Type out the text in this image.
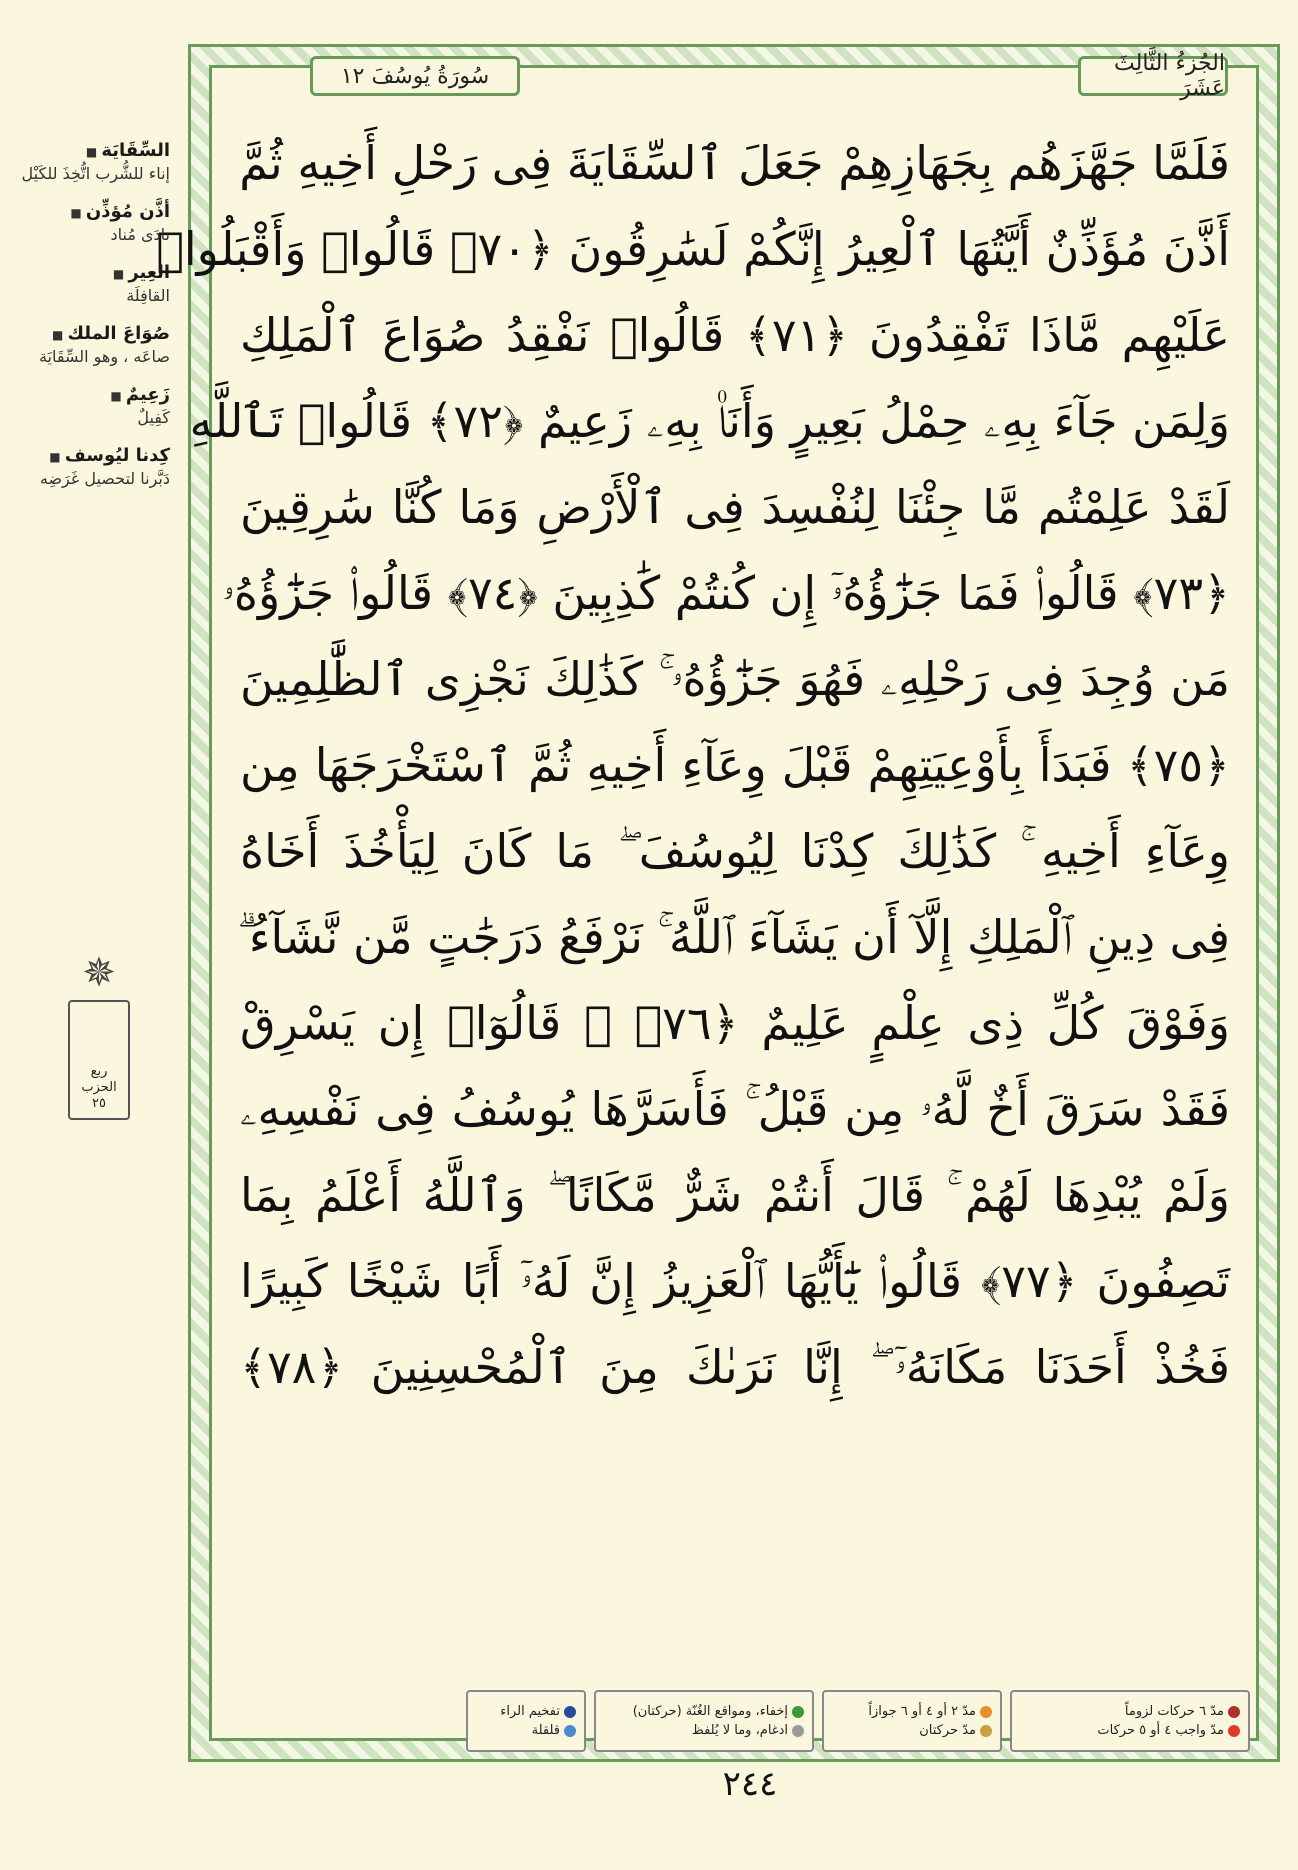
سُورَةُ يُوسُفَ ١٢	الجُزءُ الثَّالِثَ عَشَرَ
فَلَمَّا جَهَّزَهُم بِجَهَازِهِمْ جَعَلَ ٱلسِّقَايَةَ فِى رَحْلِ أَخِيهِ ثُمَّ
أَذَّنَ مُؤَذِّنٌ أَيَّتُهَا ٱلْعِيرُ إِنَّكُمْ لَسَٰرِقُونَ ﴿٧٠﴾ قَالُوا۟ وَأَقْبَلُوا۟
عَلَيْهِم مَّاذَا تَفْقِدُونَ ﴿٧١﴾ قَالُوا۟ نَفْقِدُ صُوَاعَ ٱلْمَلِكِ
وَلِمَن جَآءَ بِهِۦ حِمْلُ بَعِيرٍ وَأَنَا۠ بِهِۦ زَعِيمٌ ﴿٧٢﴾ قَالُوا۟ تَٱللَّهِ
لَقَدْ عَلِمْتُم مَّا جِئْنَا لِنُفْسِدَ فِى ٱلْأَرْضِ وَمَا كُنَّا سَٰرِقِينَ
﴿٧٣﴾ قَالُوا۟ فَمَا جَزَٰٓؤُهُۥٓ إِن كُنتُمْ كَٰذِبِينَ ﴿٧٤﴾ قَالُوا۟ جَزَٰٓؤُهُۥ
مَن وُجِدَ فِى رَحْلِهِۦ فَهُوَ جَزَٰٓؤُهُۥ ۚ كَذَٰلِكَ نَجْزِى ٱلظَّٰلِمِينَ
﴿٧٥﴾ فَبَدَأَ بِأَوْعِيَتِهِمْ قَبْلَ وِعَآءِ أَخِيهِ ثُمَّ ٱسْتَخْرَجَهَا مِن
وِعَآءِ أَخِيهِ ۚ كَذَٰلِكَ كِدْنَا لِيُوسُفَ ۖ مَا كَانَ لِيَأْخُذَ أَخَاهُ
فِى دِينِ ٱلْمَلِكِ إِلَّآ أَن يَشَآءَ ٱللَّهُ ۚ نَرْفَعُ دَرَجَٰتٍ مَّن نَّشَآءُ ۗ
وَفَوْقَ كُلِّ ذِى عِلْمٍ عَلِيمٌ ﴿٧٦﴾ ۞ قَالُوٓا۟ إِن يَسْرِقْ
فَقَدْ سَرَقَ أَخٌ لَّهُۥ مِن قَبْلُ ۚ فَأَسَرَّهَا يُوسُفُ فِى نَفْسِهِۦ
وَلَمْ يُبْدِهَا لَهُمْ ۚ قَالَ أَنتُمْ شَرٌّ مَّكَانًا ۖ وَٱللَّهُ أَعْلَمُ بِمَا
تَصِفُونَ ﴿٧٧﴾ قَالُوا۟ يَٰٓأَيُّهَا ٱلْعَزِيزُ إِنَّ لَهُۥٓ أَبًا شَيْخًا كَبِيرًا
فَخُذْ أَحَدَنَا مَكَانَهُۥٓ ۖ إِنَّا نَرَىٰكَ مِنَ ٱلْمُحْسِنِينَ ﴿٧٨﴾
السِّقَايَة ■
إناء للشُّرب اتُّخِذَ للكَيْل
أذَّن مُؤذِّن ■
نادَى مُناد
العِير ■
القافِلَة
صُوَاعَ الملك ■
صاعَه ، وهو السِّقَايَة
زَعِيمٌ ■
كَفِيلٌ
كِدنا ليُوسف ■
دَبَّرنا لتحصيل غَرَضِه
✵
ربع
الحزب
٢٥
مدّ ٦ حركات لزوماً
مدّ واجب ٤ أو ٥ حركات
مدّ ٢ أو ٤ أو ٦ جوازاً
مدّ حركتان
إخفاء، ومواقع الغُنّة (حركتان)
ادغام، وما لا يُلفظ
تفخيم الراء
قلقلة
٢٤٤
